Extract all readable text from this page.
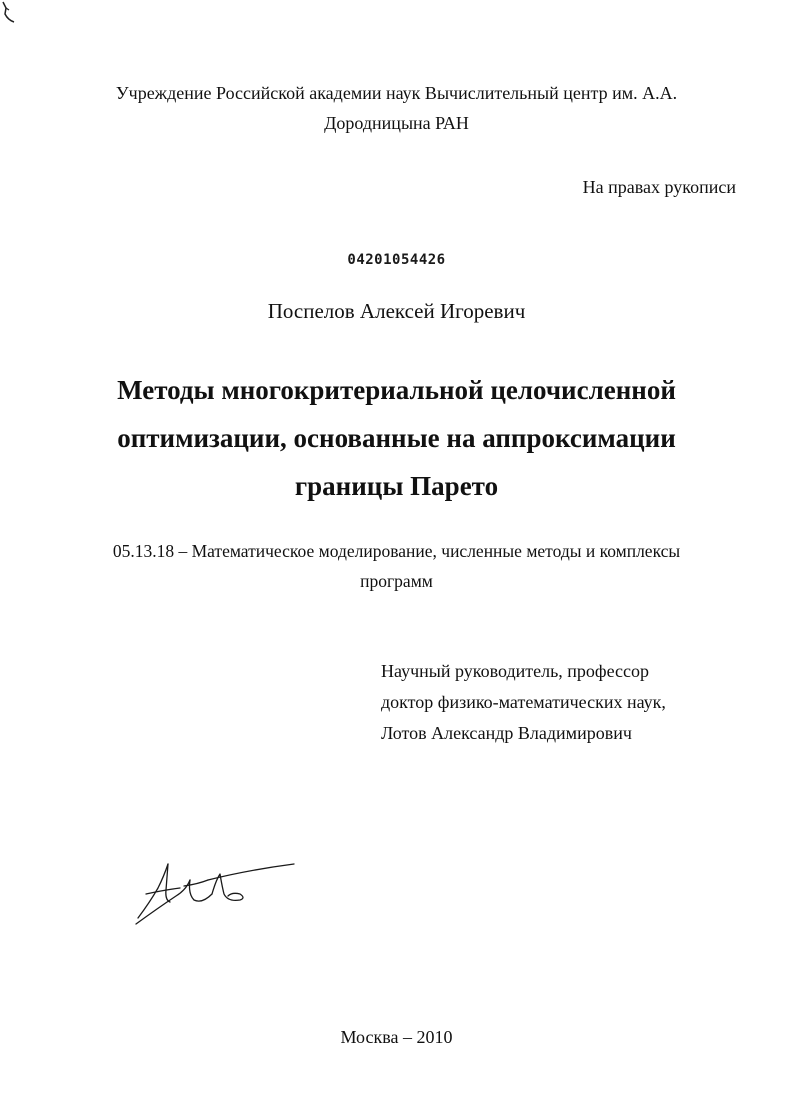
Учреждение Российской академии наук Вычислительный центр им. А.А.
Дородницына РАН
На правах рукописи
04201054426
Поспелов Алексей Игоревич
Методы многокритериальной целочисленной
оптимизации, основанные на аппроксимации
границы Парето
05.13.18 – Математическое моделирование, численные методы и комплексы
программ
Научный руководитель, профессор
доктор физико-математических наук,
Лотов Александр Владимирович
Москва – 2010
